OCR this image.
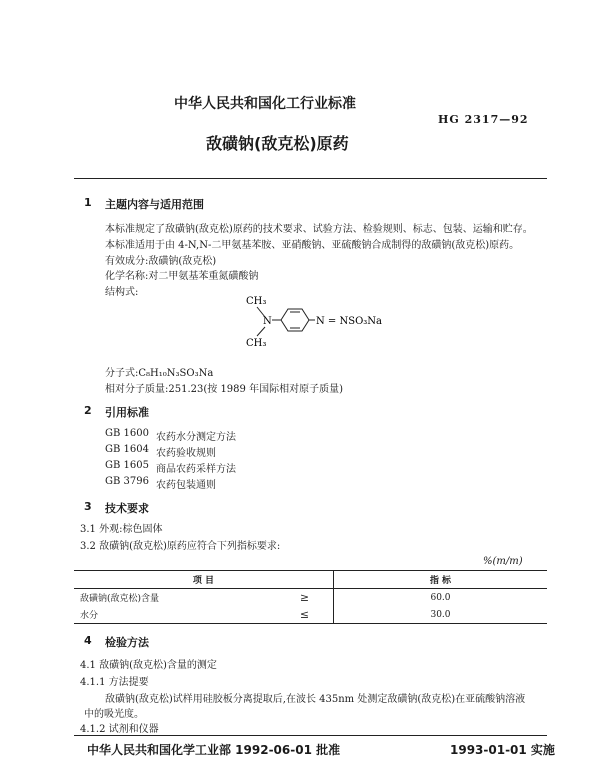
中华人民共和国化工行业标准
HG 2317—92
敌磺钠(敌克松)原药
1 主题内容与适用范围
本标准规定了敌磺钠(敌克松)原药的技术要求、试验方法、检验规则、标志、包装、运输和贮存。
本标准适用于由 4-N,N-二甲氨基苯胺、亚硝酸钠、亚硫酸钠合成制得的敌磺钠(敌克松)原药。
有效成分:敌磺钠(敌克松)
化学名称:对二甲氨基苯重氮磺酸钠
结构式:
CH₃
N
CH₃
N = NSO₃Na
分子式:C₈H₁₀N₃SO₃Na
相对分子质量:251.23(按 1989 年国际相对原子质量)
2 引用标准
GB 1600 农药水分测定方法
GB 1604 农药验收规则
GB 1605 商品农药采样方法
GB 3796 农药包装通则
3 技术要求
3.1 外观:棕色固体
3.2 敌磺钠(敌克松)原药应符合下列指标要求:
%(m/m)
项 目		指 标
敌磺钠(敌克松)含量	≥	60.0
水分	≤	30.0
4 检验方法
4.1 敌磺钠(敌克松)含量的测定
4.1.1 方法提要
敌磺钠(敌克松)试样用硅胶板分离提取后,在波长 435nm 处测定敌磺钠(敌克松)在亚硫酸钠溶液
中的吸光度。
4.1.2 试剂和仪器
中华人民共和国化学工业部 1992-06-01 批准	1993-01-01 实施
